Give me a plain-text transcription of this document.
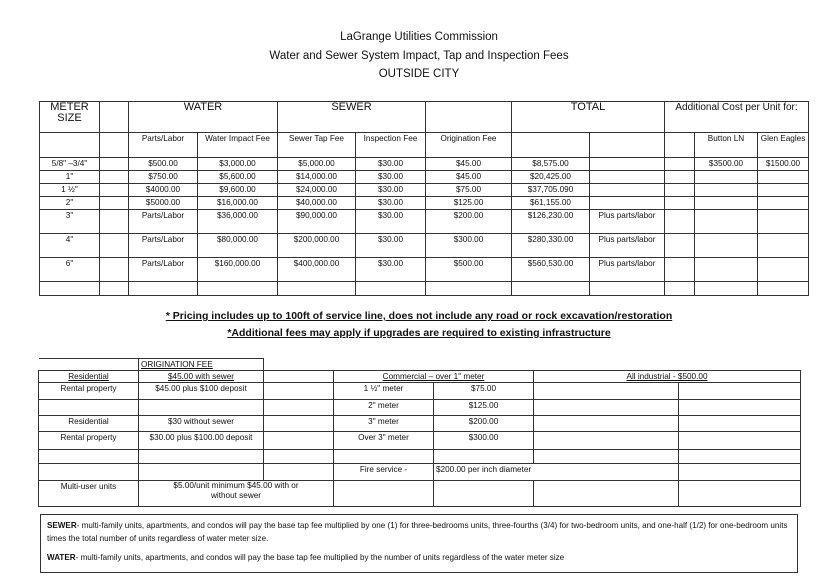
LaGrange Utilities Commission
Water and Sewer System Impact, Tap and Inspection Fees
OUTSIDE CITY
METER SIZE		WATER		SEWER			TOTAL		Additional Cost per Unit for:		
		Parts/Labor	Water Impact Fee	Sewer Tap Fee	Inspection Fee	Origination Fee				Button LN	Glen Eagles
5/8" –3/4"		$500.00	$3,000.00	$5,000.00	$30.00	$45.00	$8,575.00			$3500.00	$1500.00
1"		$750.00	$5,600.00	$14,000.00	$30.00	$45.00	$20,425.00				
1 ½"		$4000.00	$9,600.00	$24,000.00	$30.00	$75.00	$37,705.090				
2"		$5000.00	$16,000.00	$40,000.00	$30.00	$125.00	$61,155.00				
3"		Parts/Labor	$36,000.00	$90,000.00	$30.00	$200.00	$126,230.00	Plus parts/labor			
4"		Parts/Labor	$80,000.00	$200,000.00	$30.00	$300.00	$280,330.00	Plus parts/labor			
6"		Parts/Labor	$160,000.00	$400,000.00	$30.00	$500.00	$560,530.00	Plus parts/labor			

* Pricing includes up to 100ft of service line, does not include any road or rock excavation/restoration
*Additional fees may apply if upgrades are required to existing infrastructure
	ORIGINATION FEE					
Residential	$45.00 with sewer		Commercial – over 1" meter		All industrial - $500.00	
Rental property	$45.00 plus $100 deposit		1 ½" meter	$75.00		
			2" meter	$125.00		
Residential	$30 without sewer		3" meter	$200.00		
Rental property	$30.00 plus $100.00 deposit		Over 3" meter	$300.00		

			Fire service -	$200.00 per inch diameter		
Multi-user units	$5.00/unit minimum $45.00 with or without sewer					
SEWER- multi-family units, apartments, and condos will pay the base tap fee multiplied by one (1) for three-bedrooms units, three-fourths (3/4) for two-bedroom units, and one-half (1/2) for one-bedroom units times the total number of units regardless of water meter size.
WATER- multi-family units, apartments, and condos will pay the base tap fee multiplied by the number of units regardless of the water meter size
